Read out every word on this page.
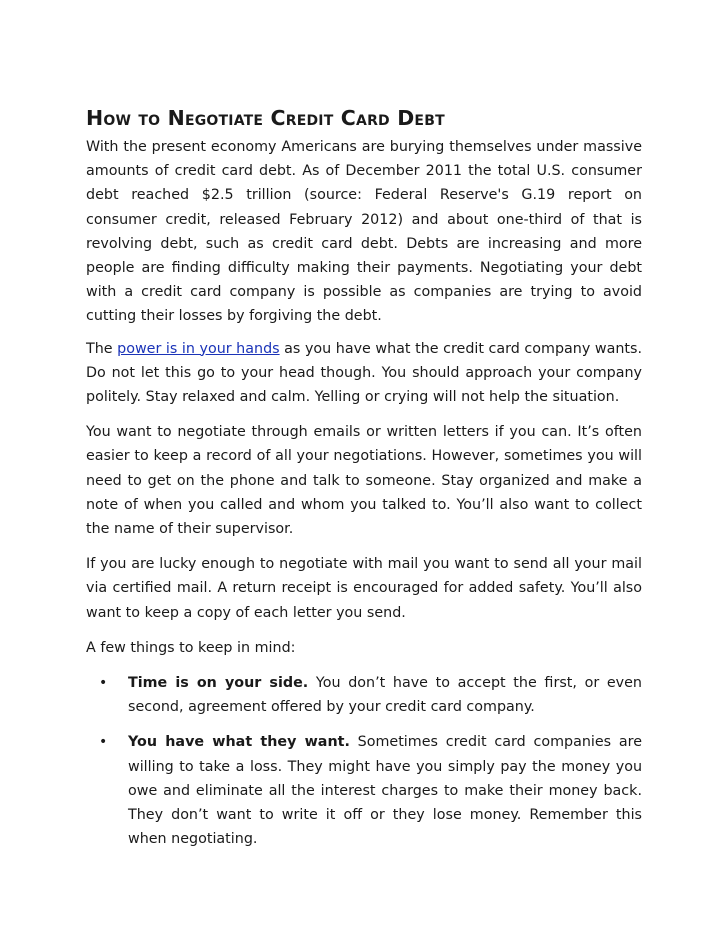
How to Negotiate Credit Card Debt

With the present economy Americans are burying themselves under massive amounts of credit card debt. As of December 2011 the total U.S. consumer debt reached $2.5 trillion (source: Federal Reserve's G.19 report on consumer credit, released February 2012) and about one-third of that is revolving debt, such as credit card debt. Debts are increasing and more people are finding difficulty making their payments. Negotiating your debt with a credit card company is possible as companies are trying to avoid cutting their losses by forgiving the debt.

The power is in your hands as you have what the credit card company wants. Do not let this go to your head though. You should approach your company politely. Stay relaxed and calm. Yelling or crying will not help the situation.

You want to negotiate through emails or written letters if you can. It’s often easier to keep a record of all your negotiations. However, sometimes you will need to get on the phone and talk to someone. Stay organized and make a note of when you called and whom you talked to. You’ll also want to collect the name of their supervisor.

If you are lucky enough to negotiate with mail you want to send all your mail via certified mail. A return receipt is encouraged for added safety. You’ll also want to keep a copy of each letter you send.

A few things to keep in mind:

• Time is on your side. You don’t have to accept the first, or even second, agreement offered by your credit card company.
• You have what they want. Sometimes credit card companies are willing to take a loss. They might have you simply pay the money you owe and eliminate all the interest charges to make their money back. They don’t want to write it off or they lose money. Remember this when negotiating.
